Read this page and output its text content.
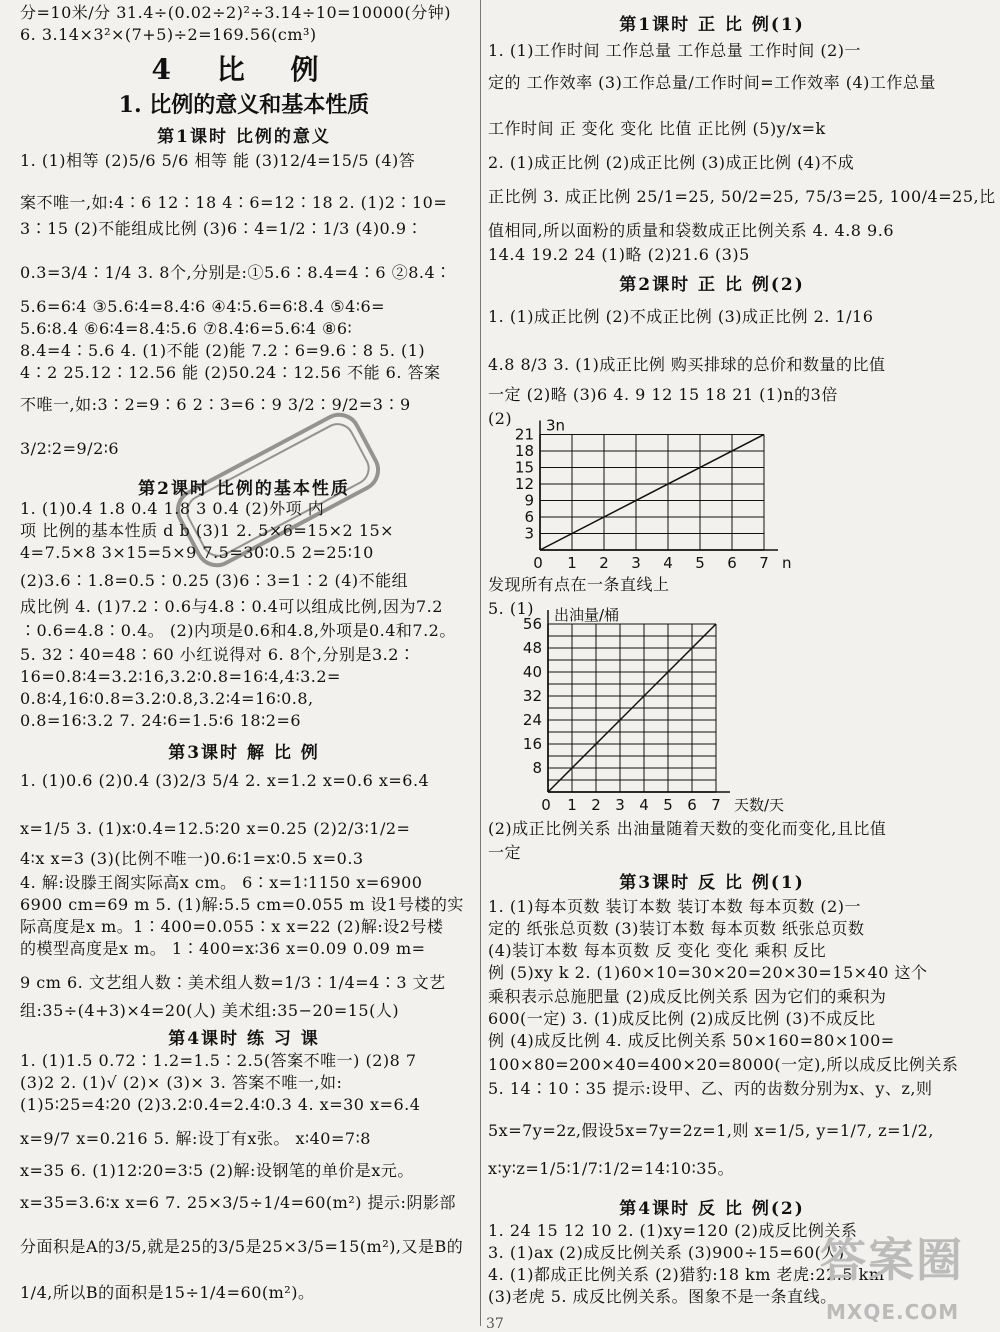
分=10米/分 31.4÷(0.02÷2)²÷3.14÷10=10000(分钟)
6. 3.14×3²×(7+5)÷2=169.56(cm³)
4 比 例
1. 比例的意义和基本性质
第1课时 比例的意义
1. (1)相等 (2)5/6 5/6 相等 能 (3)12/4=15/5 (4)答
案不唯一,如:4∶6 12∶18 4∶6=12∶18 2. (1)2∶10=
3∶15 (2)不能组成比例 (3)6∶4=1/2∶1/3 (4)0.9∶
0.3=3/4∶1/4 3. 8个,分别是:①5.6∶8.4=4∶6 ②8.4∶
5.6=6∶4 ③5.6∶4=8.4∶6 ④4∶5.6=6∶8.4 ⑤4∶6=
5.6∶8.4 ⑥6∶4=8.4∶5.6 ⑦8.4∶6=5.6∶4 ⑧6∶
8.4=4∶5.6 4. (1)不能 (2)能 7.2∶6=9.6∶8 5. (1)
4∶2 25.12∶12.56 能 (2)50.24∶12.56 不能 6. 答案
不唯一,如:3∶2=9∶6 2∶3=6∶9 3/2∶9/2=3∶9
3/2∶2=9/2∶6
第2课时 比例的基本性质
1. (1)0.4 1.8 0.4 1.8 3 0.4 (2)外项 内
项 比例的基本性质 d b (3)1 2. 5×6=15×2 15×
4=7.5×8 3×15=5×9 7.5=30∶0.5 2=25∶10
(2)3.6∶1.8=0.5∶0.25 (3)6∶3=1∶2 (4)不能组
成比例 4. (1)7.2∶0.6与4.8∶0.4可以组成比例,因为7.2
∶0.6=4.8∶0.4。 (2)内项是0.6和4.8,外项是0.4和7.2。
5. 32∶40=48∶60 小红说得对 6. 8个,分别是3.2∶
16=0.8∶4=3.2∶16,3.2∶0.8=16∶4,4∶3.2=
0.8∶4,16∶0.8=3.2∶0.8,3.2∶4=16∶0.8,
0.8=16∶3.2 7. 24∶6=1.5∶6 18∶2=6
第3课时 解 比 例
1. (1)0.6 (2)0.4 (3)2/3 5/4 2. x=1.2 x=0.6 x=6.4
x=1/5 3. (1)x∶0.4=12.5∶20 x=0.25 (2)2/3∶1/2=
4∶x x=3 (3)(比例不唯一)0.6∶1=x∶0.5 x=0.3
4. 解:设滕王阁实际高x cm。 6∶x=1∶1150 x=6900
6900 cm=69 m 5. (1)解:5.5 cm=0.055 m 设1号楼的实
际高度是x m。1∶400=0.055∶x x=22 (2)解:设2号楼
的模型高度是x m。 1∶400=x∶36 x=0.09 0.09 m=
9 cm 6. 文艺组人数∶美术组人数=1/3∶1/4=4∶3 文艺
组:35÷(4+3)×4=20(人) 美术组:35−20=15(人)
第4课时 练 习 课
1. (1)1.5 0.72∶1.2=1.5∶2.5(答案不唯一) (2)8 7
(3)2 2. (1)√ (2)× (3)× 3. 答案不唯一,如:
(1)5∶25=4∶20 (2)3.2∶0.4=2.4∶0.3 4. x=30 x=6.4
x=9/7 x=0.216 5. 解:设丁有x张。 x∶40=7∶8
x=35 6. (1)12∶20=3∶5 (2)解:设钢笔的单价是x元。
x=35=3.6∶x x=6 7. 25×3/5÷1/4=60(m²) 提示:阴影部
分面积是A的3/5,就是25的3/5是25×3/5=15(m²),又是B的
1/4,所以B的面积是15÷1/4=60(m²)。
第1课时 正 比 例(1)
1. (1)工作时间 工作总量 工作总量 工作时间 (2)一
定的 工作效率 (3)工作总量/工作时间=工作效率 (4)工作总量
工作时间 正 变化 变化 比值 正比例 (5)y/x=k
2. (1)成正比例 (2)成正比例 (3)成正比例 (4)不成
正比例 3. 成正比例 25/1=25, 50/2=25, 75/3=25, 100/4=25,比
值相同,所以面粉的质量和袋数成正比例关系 4. 4.8 9.6
14.4 19.2 24 (1)略 (2)21.6 (3)5
第2课时 正 比 例(2)
1. (1)成正比例 (2)不成正比例 (3)成正比例 2. 1/16
4.8 8/3 3. (1)成正比例 购买排球的总价和数量的比值
一定 (2)略 (3)6 4. 9 12 15 18 21 (1)n的3倍
(2)
3
6
9
12
15
18
21
0 1 2 3 4 5 6 7
3n
n
发现所有点在一条直线上
5. (1)
8
16
24
32
40
48
56
0 1 2 3 4 5 6 7
出油量/桶
天数/天
(2)成正比例关系 出油量随着天数的变化而变化,且比值
一定
第3课时 反 比 例(1)
1. (1)每本页数 装订本数 装订本数 每本页数 (2)一
定的 纸张总页数 (3)装订本数 每本页数 纸张总页数
(4)装订本数 每本页数 反 变化 变化 乘积 反比
例 (5)xy k 2. (1)60×10=30×20=20×30=15×40 这个
乘积表示总施肥量 (2)成反比例关系 因为它们的乘积为
600(一定) 3. (1)成反比例 (2)成反比例 (3)不成反比
例 (4)成反比例 4. 成反比例关系 50×160=80×100=
100×80=200×40=400×20=8000(一定),所以成反比例关系
5. 14∶10∶35 提示:设甲、乙、丙的齿数分别为x、y、z,则
5x=7y=2z,假设5x=7y=2z=1,则 x=1/5, y=1/7, z=1/2,
x∶y∶z=1/5∶1/7∶1/2=14∶10∶35。
第4课时 反 比 例(2)
1. 24 15 12 10 2. (1)xy=120 (2)成反比例关系
3. (1)ax (2)成反比例关系 (3)900÷15=60(人)
4. (1)都成正比例关系 (2)猎豹:18 km 老虎:22.5 km
(3)老虎 5. 成反比例关系。图象不是一条直线。
答案圈
MXQE.COM
37
